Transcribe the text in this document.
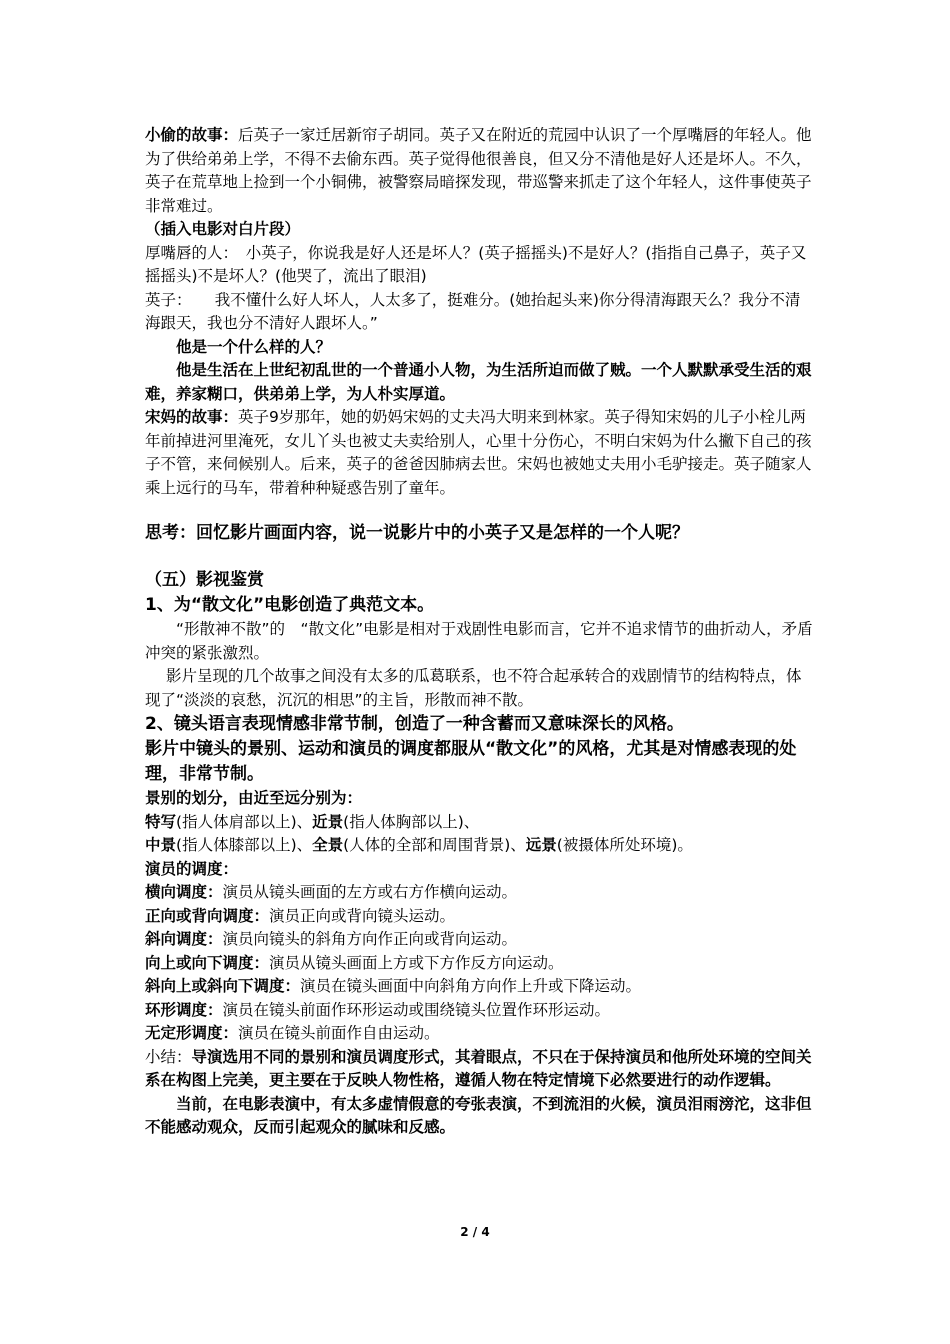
小偷的故事：后英子一家迁居新帘子胡同。英子又在附近的荒园中认识了一个厚嘴唇的年轻人。他为了供给弟弟上学，不得不去偷东西。英子觉得他很善良，但又分不清他是好人还是坏人。不久，英子在荒草地上捡到一个小铜佛，被警察局暗探发现，带巡警来抓走了这个年轻人，这件事使英子非常难过。

（插入电影对白片段）

厚嘴唇的人：　小英子，你说我是好人还是坏人？(英子摇摇头)不是好人？(指指自己鼻子，英子又摇摇头)不是坏人？(他哭了，流出了眼泪)

英子：　　我不懂什么好人坏人，人太多了，挺难分。(她抬起头来)你分得清海跟天么？我分不清海跟天，我也分不清好人跟坏人。”

他是一个什么样的人？

他是生活在上世纪初乱世的一个普通小人物，为生活所迫而做了贼。一个人默默承受生活的艰难，养家糊口，供弟弟上学，为人朴实厚道。

宋妈的故事：英子9岁那年，她的奶妈宋妈的丈夫冯大明来到林家。英子得知宋妈的儿子小栓儿两年前掉进河里淹死，女儿丫头也被丈夫卖给别人，心里十分伤心，不明白宋妈为什么撇下自己的孩子不管，来伺候别人。后来，英子的爸爸因肺病去世。宋妈也被她丈夫用小毛驴接走。英子随家人乘上远行的马车，带着种种疑惑告别了童年。

思考：回忆影片画面内容，说一说影片中的小英子又是怎样的一个人呢？

（五）影视鉴赏

1、为“散文化”电影创造了典范文本。

“形散神不散”的　“散文化”电影是相对于戏剧性电影而言，它并不追求情节的曲折动人，矛盾冲突的紧张激烈。

影片呈现的几个故事之间没有太多的瓜葛联系，也不符合起承转合的戏剧情节的结构特点，体现了“淡淡的哀愁，沉沉的相思”的主旨，形散而神不散。

2、镜头语言表现情感非常节制，创造了一种含蓄而又意味深长的风格。

影片中镜头的景别、运动和演员的调度都服从“散文化”的风格，尤其是对情感表现的处理，非常节制。

景别的划分，由近至远分别为：

特写(指人体肩部以上)、近景(指人体胸部以上)、

中景(指人体膝部以上)、全景(人体的全部和周围背景)、远景(被摄体所处环境)。

演员的调度：

横向调度：演员从镜头画面的左方或右方作横向运动。

正向或背向调度：演员正向或背向镜头运动。

斜向调度：演员向镜头的斜角方向作正向或背向运动。

向上或向下调度：演员从镜头画面上方或下方作反方向运动。

斜向上或斜向下调度：演员在镜头画面中向斜角方向作上升或下降运动。

环形调度：演员在镜头前面作环形运动或围绕镜头位置作环形运动。

无定形调度：演员在镜头前面作自由运动。

小结：导演选用不同的景别和演员调度形式，其着眼点，不只在于保持演员和他所处环境的空间关系在构图上完美，更主要在于反映人物性格，遵循人物在特定情境下必然要进行的动作逻辑。

当前，在电影表演中，有太多虚情假意的夸张表演，不到流泪的火候，演员泪雨滂沱，这非但不能感动观众，反而引起观众的腻味和反感。

2 / 4
